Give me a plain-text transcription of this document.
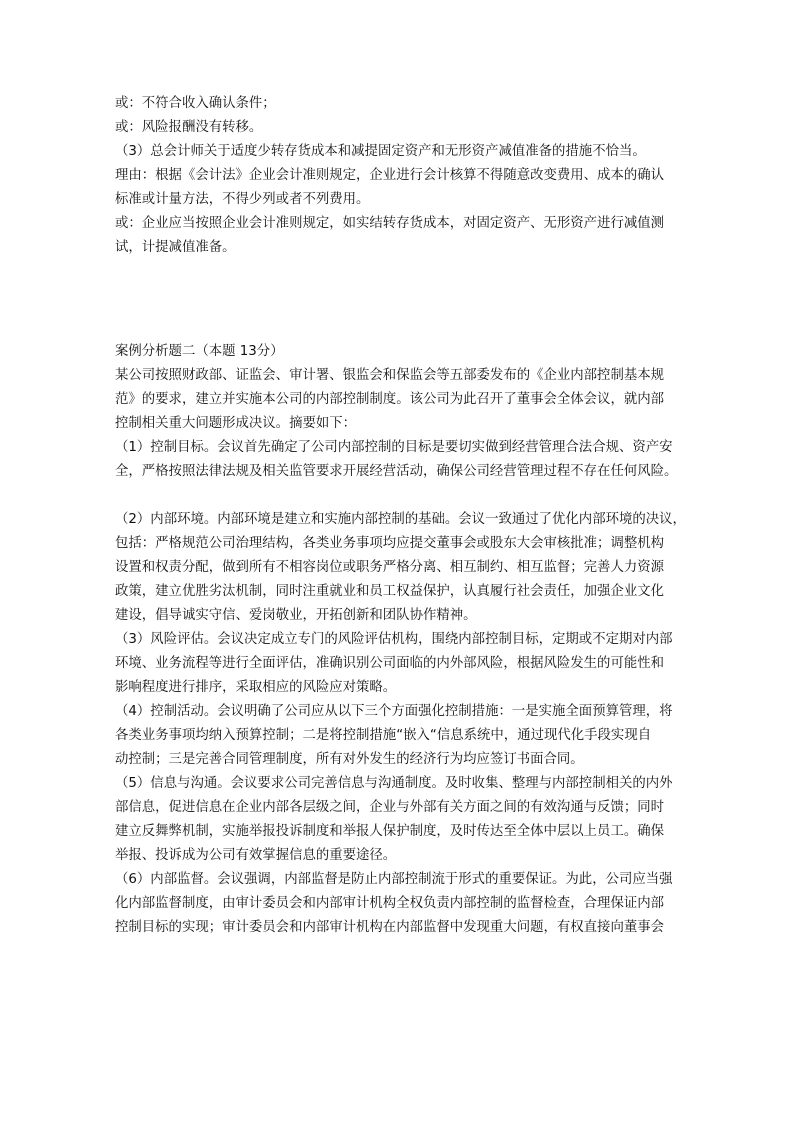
或：不符合收入确认条件；
或：风险报酬没有转移。
（3）总会计师关于适度少转存货成本和减提固定资产和无形资产减值准备的措施不恰当。
理由：根据《会计法》企业会计准则规定，企业进行会计核算不得随意改变费用、成本的确认
标准或计量方法，不得少列或者不列费用。
或：企业应当按照企业会计准则规定，如实结转存货成本，对固定资产、无形资产进行减值测
试，计提减值准备。
案例分析题二（本题 13分）
某公司按照财政部、证监会、审计署、银监会和保监会等五部委发布的《企业内部控制基本规
范》的要求，建立并实施本公司的内部控制制度。该公司为此召开了董事会全体会议，就内部
控制相关重大问题形成决议。摘要如下：
（1）控制目标。会议首先确定了公司内部控制的目标是要切实做到经营管理合法合规、资产安
全，严格按照法律法规及相关监管要求开展经营活动，确保公司经营管理过程不存在任何风险。
（2）内部环境。内部环境是建立和实施内部控制的基础。会议一致通过了优化内部环境的决议，
包括：严格规范公司治理结构，各类业务事项均应提交董事会或股东大会审核批准；调整机构
设置和权责分配，做到所有不相容岗位或职务严格分离、相互制约、相互监督；完善人力资源
政策，建立优胜劣汰机制，同时注重就业和员工权益保护，认真履行社会责任，加强企业文化
建设，倡导诚实守信、爱岗敬业，开拓创新和团队协作精神。
（3）风险评估。会议决定成立专门的风险评估机构，围绕内部控制目标，定期或不定期对内部
环境、业务流程等进行全面评估，准确识别公司面临的内外部风险，根据风险发生的可能性和
影响程度进行排序，采取相应的风险应对策略。
（4）控制活动。会议明确了公司应从以下三个方面强化控制措施：一是实施全面预算管理，将
各类业务事项均纳入预算控制；二是将控制措施“嵌入“信息系统中，通过现代化手段实现自
动控制；三是完善合同管理制度，所有对外发生的经济行为均应签订书面合同。
（5）信息与沟通。会议要求公司完善信息与沟通制度。及时收集、整理与内部控制相关的内外
部信息，促进信息在企业内部各层级之间，企业与外部有关方面之间的有效沟通与反馈；同时
建立反舞弊机制，实施举报投诉制度和举报人保护制度，及时传达至全体中层以上员工。确保
举报、投诉成为公司有效掌握信息的重要途径。
（6）内部监督。会议强调，内部监督是防止内部控制流于形式的重要保证。为此，公司应当强
化内部监督制度，由审计委员会和内部审计机构全权负责内部控制的监督检查，合理保证内部
控制目标的实现；审计委员会和内部审计机构在内部监督中发现重大问题，有权直接向董事会
